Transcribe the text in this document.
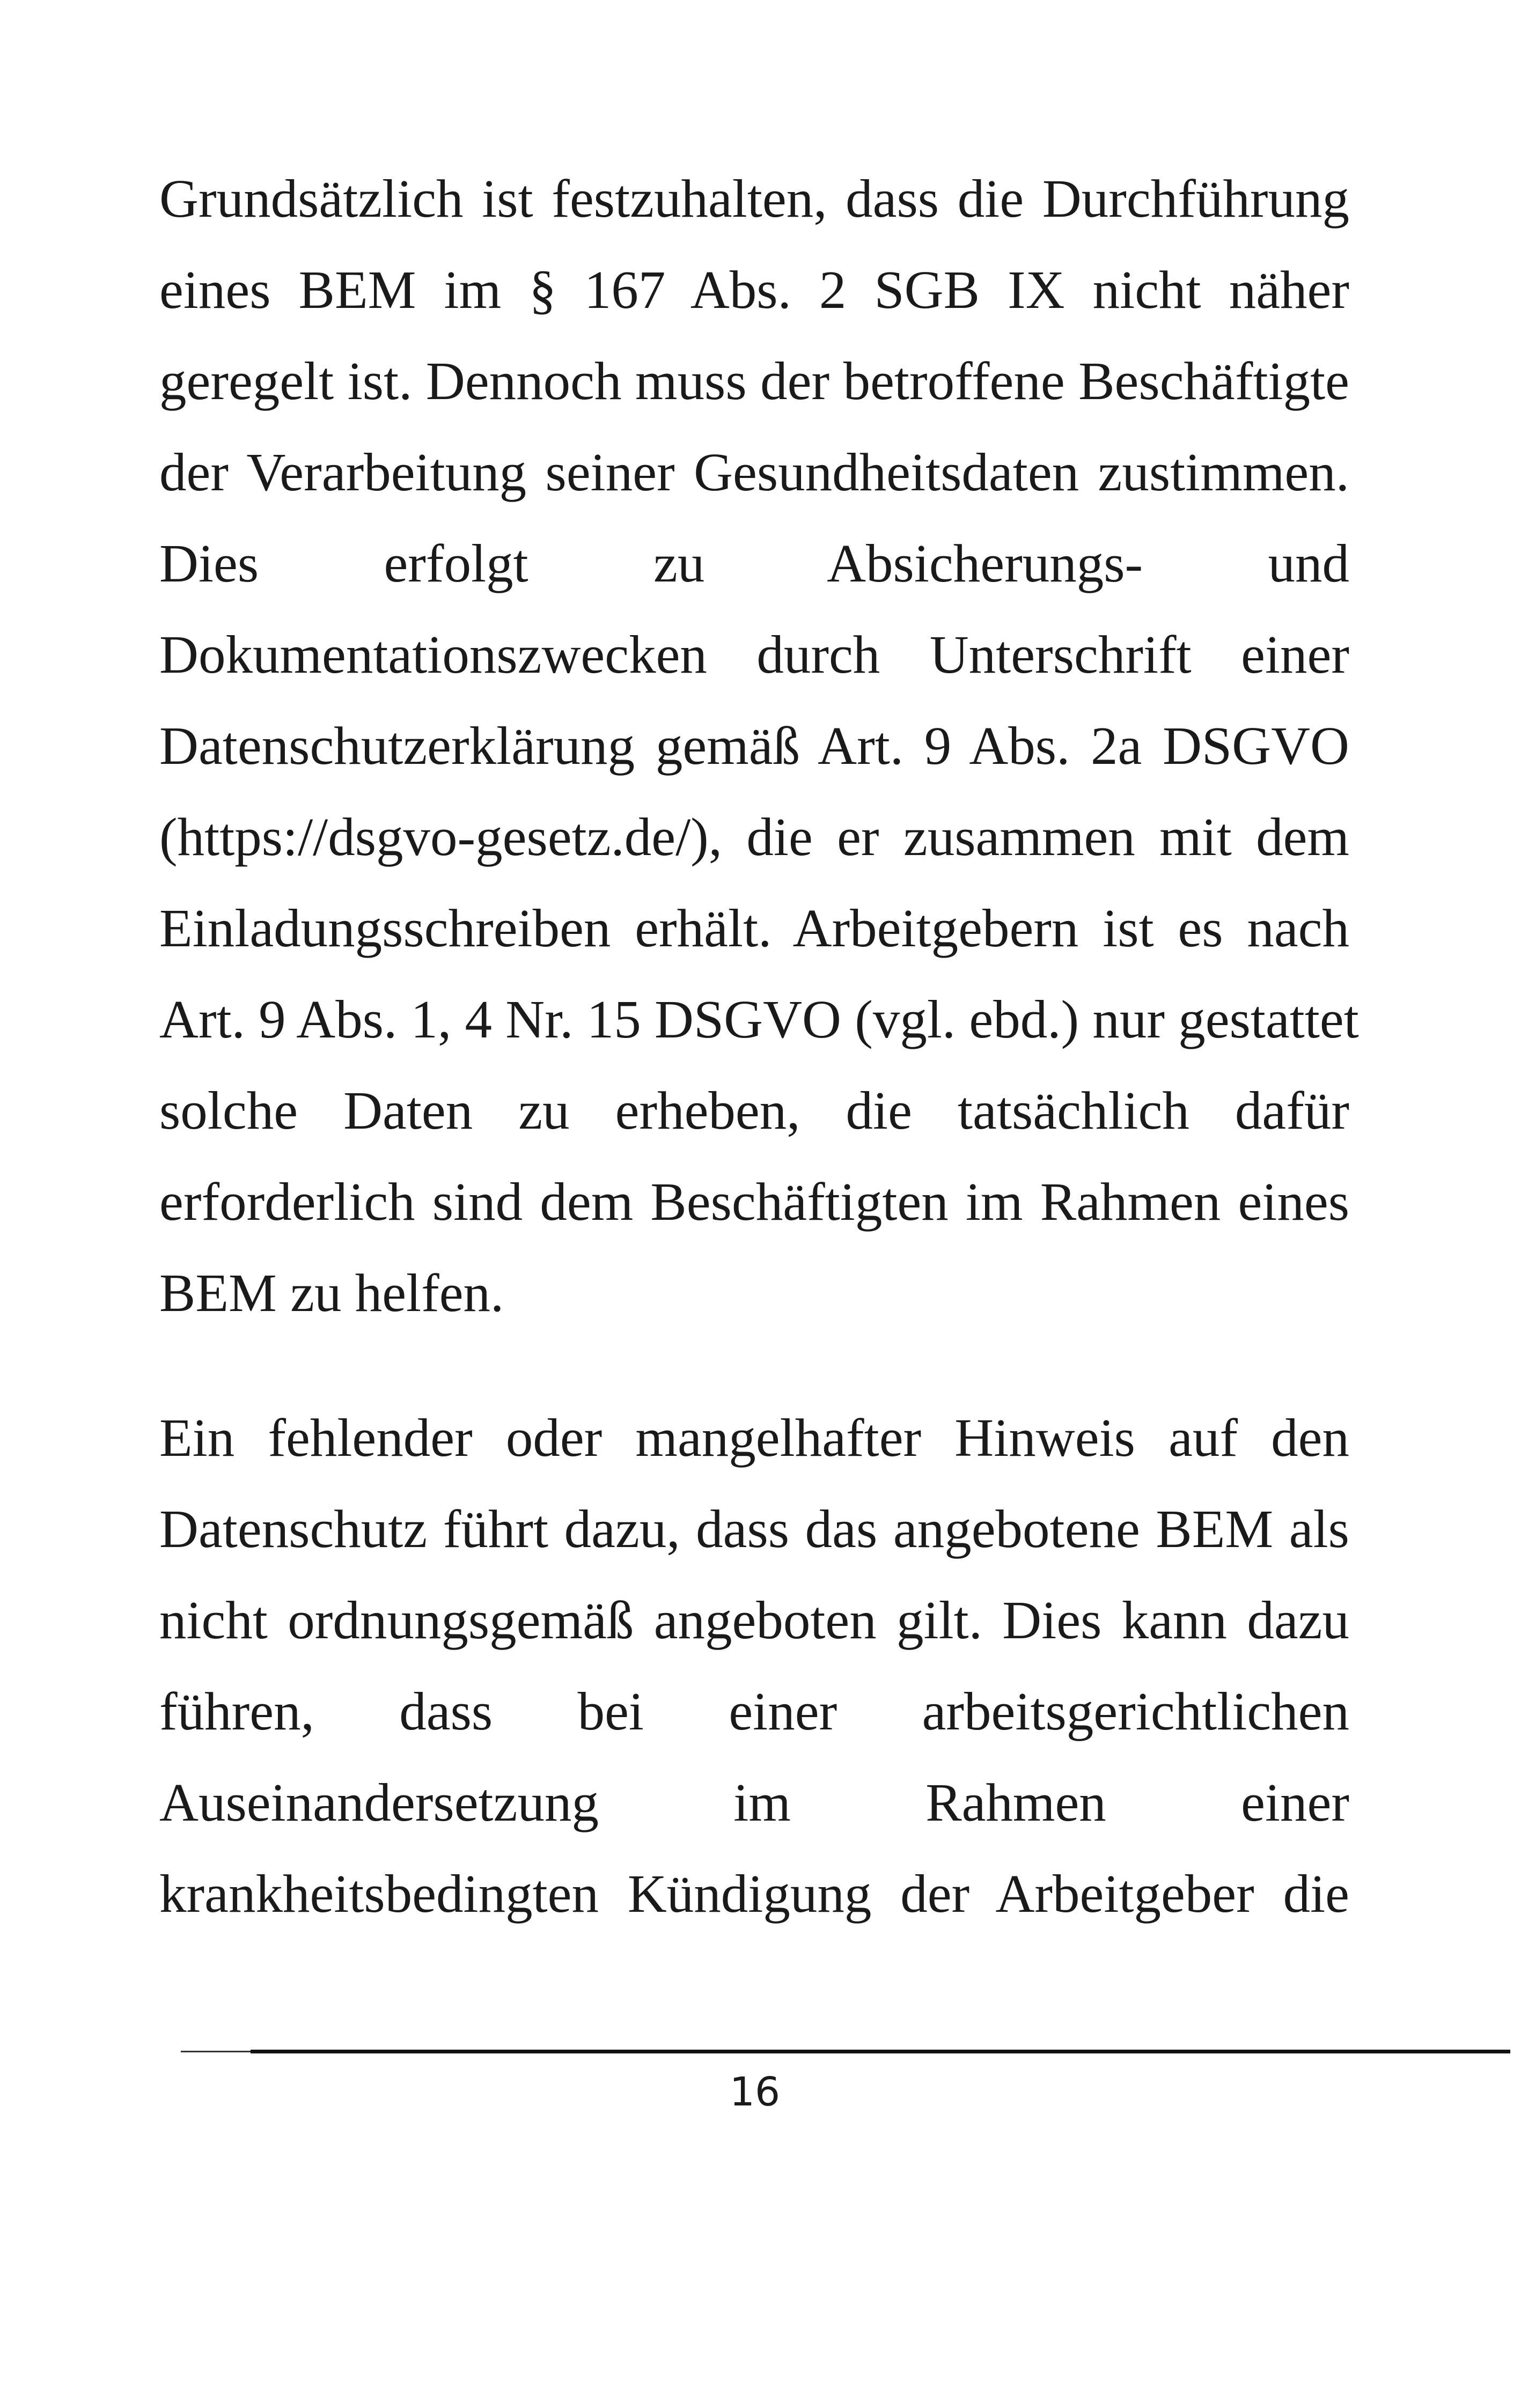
Grundsätzlich ist festzuhalten, dass die Durchführung
eines BEM im § 167 Abs. 2 SGB IX nicht näher
geregelt ist. Dennoch muss der betroffene Beschäftigte
der Verarbeitung seiner Gesundheitsdaten zustimmen.
Dies erfolgt zu Absicherungs- und
Dokumentationszwecken durch Unterschrift einer
Datenschutzerklärung gemäß Art. 9 Abs. 2a DSGVO
(https://dsgvo-gesetz.de/), die er zusammen mit dem
Einladungsschreiben erhält. Arbeitgebern ist es nach
Art. 9 Abs. 1, 4 Nr. 15 DSGVO (vgl. ebd.) nur gestattet
solche Daten zu erheben, die tatsächlich dafür
erforderlich sind dem Beschäftigten im Rahmen eines
BEM zu helfen.
Ein fehlender oder mangelhafter Hinweis auf den
Datenschutz führt dazu, dass das angebotene BEM als
nicht ordnungsgemäß angeboten gilt. Dies kann dazu
führen, dass bei einer arbeitsgerichtlichen
Auseinandersetzung im Rahmen einer
krankheitsbedingten Kündigung der Arbeitgeber die
16
